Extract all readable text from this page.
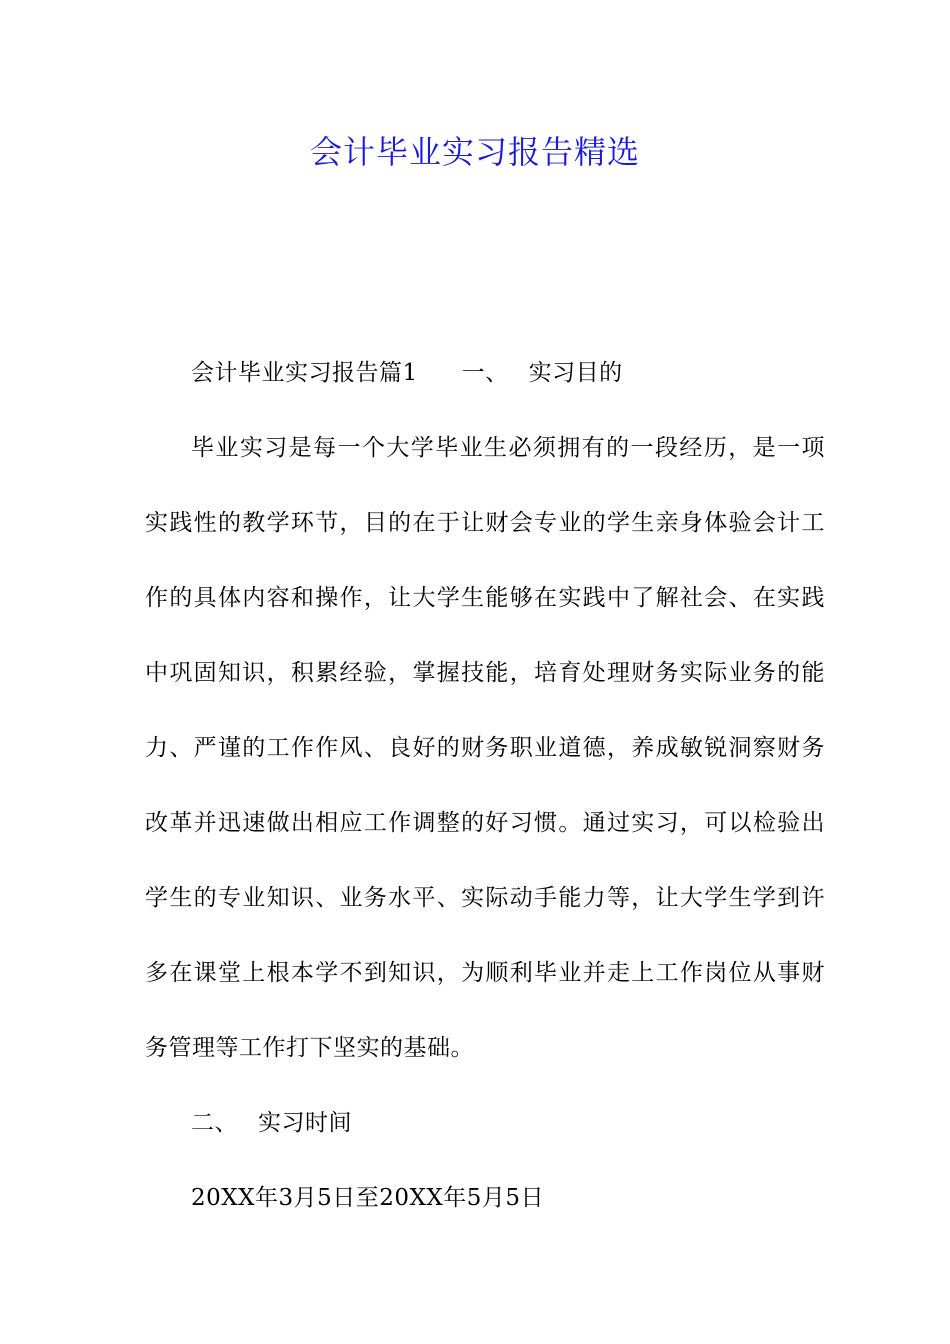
会计毕业实习报告精选

会计毕业实习报告篇1 一、 实习目的

毕业实习是每一个大学毕业生必须拥有的一段经历，是一项实践性的教学环节，目的在于让财会专业的学生亲身体验会计工作的具体内容和操作，让大学生能够在实践中了解社会、在实践中巩固知识，积累经验，掌握技能，培育处理财务实际业务的能力、严谨的工作作风、良好的财务职业道德，养成敏锐洞察财务改革并迅速做出相应工作调整的好习惯。通过实习，可以检验出学生的专业知识、业务水平、实际动手能力等，让大学生学到许多在课堂上根本学不到知识，为顺利毕业并走上工作岗位从事财务管理等工作打下坚实的基础。

二、 实习时间

20XX年3月5日至20XX年5月5日
